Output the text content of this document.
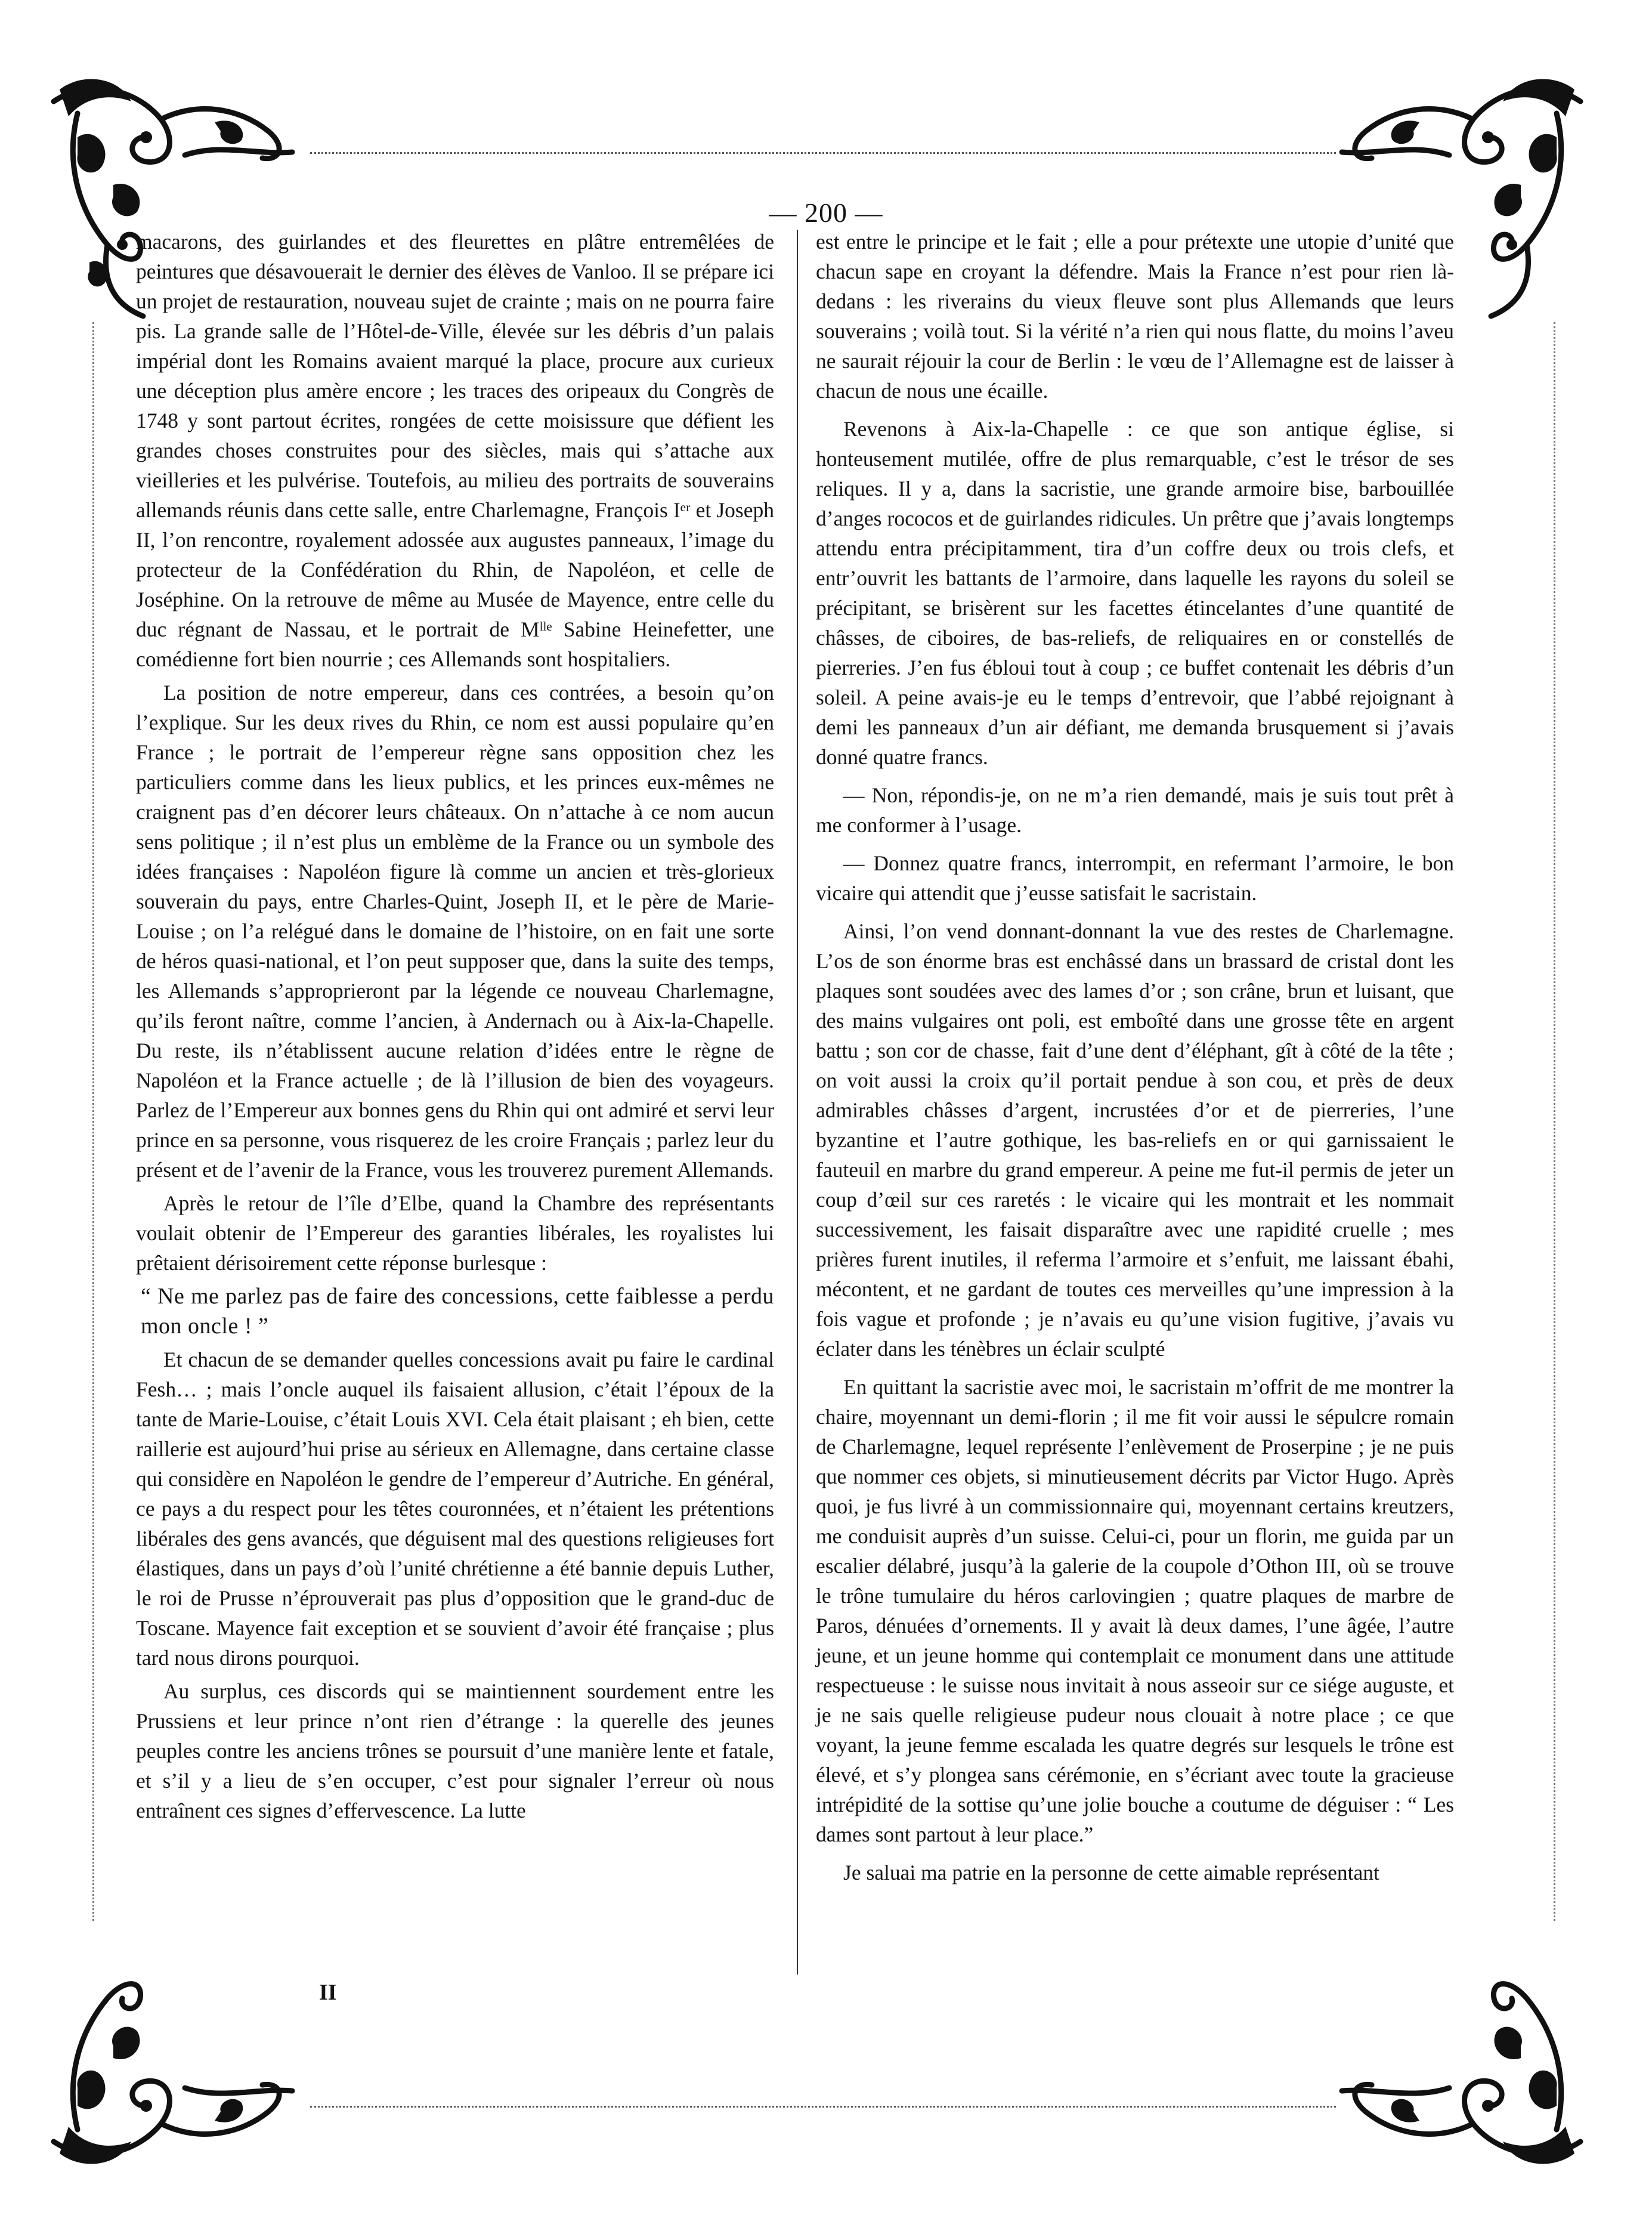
— 200 —

macarons, des guirlandes et des fleurettes en plâtre entremêlées de peintures que désavouerait le dernier des élèves de Vanloo. Il se prépare ici un projet de restauration, nouveau sujet de crainte ; mais on ne pourra faire pis. La grande salle de l’Hôtel-de-Ville, élevée sur les débris d’un palais impérial dont les Romains avaient marqué la place, procure aux curieux une déception plus amère encore ; les traces des oripeaux du Congrès de 1748 y sont partout écrites, rongées de cette moisissure que défient les grandes choses construites pour des siècles, mais qui s’attache aux vieilleries et les pulvérise. Toutefois, au milieu des portraits de souverains allemands réunis dans cette salle, entre Charlemagne, François Iᵉʳ et Joseph II, l’on rencontre, royalement adossée aux augustes panneaux, l’image du protecteur de la Confédération du Rhin, de Napoléon, et celle de Joséphine. On la retrouve de même au Musée de Mayence, entre celle du duc régnant de Nassau, et le portrait de Mˡˡᵉ Sabine Heinefetter, une comédienne fort bien nourrie ; ces Allemands sont hospitaliers.

La position de notre empereur, dans ces contrées, a besoin qu’on l’explique. Sur les deux rives du Rhin, ce nom est aussi populaire qu’en France ; le portrait de l’empereur règne sans opposition chez les particuliers comme dans les lieux publics, et les princes eux-mêmes ne craignent pas d’en décorer leurs châteaux. On n’attache à ce nom aucun sens politique ; il n’est plus un emblème de la France ou un symbole des idées françaises : Napoléon figure là comme un ancien et très-glorieux souverain du pays, entre Charles-Quint, Joseph II, et le père de Marie-Louise ; on l’a relégué dans le domaine de l’histoire, on en fait une sorte de héros quasi-national, et l’on peut supposer que, dans la suite des temps, les Allemands s’approprieront par la légende ce nouveau Charlemagne, qu’ils feront naître, comme l’ancien, à Andernach ou à Aix-la-Chapelle. Du reste, ils n’établissent aucune relation d’idées entre le règne de Napoléon et la France actuelle ; de là l’illusion de bien des voyageurs. Parlez de l’Empereur aux bonnes gens du Rhin qui ont admiré et servi leur prince en sa personne, vous risquerez de les croire Français ; parlez leur du présent et de l’avenir de la France, vous les trouverez purement Allemands.

Après le retour de l’île d’Elbe, quand la Chambre des représentants voulait obtenir de l’Empereur des garanties libérales, les royalistes lui prêtaient dérisoirement cette réponse burlesque :

“ Ne me parlez pas de faire des concessions, cette faiblesse a perdu mon oncle ! ”

Et chacun de se demander quelles concessions avait pu faire le cardinal Fesh… ; mais l’oncle auquel ils faisaient allusion, c’était l’époux de la tante de Marie-Louise, c’était Louis XVI. Cela était plaisant ; eh bien, cette raillerie est aujourd’hui prise au sérieux en Allemagne, dans certaine classe qui considère en Napoléon le gendre de l’empereur d’Autriche. En général, ce pays a du respect pour les têtes couronnées, et n’étaient les prétentions libérales des gens avancés, que déguisent mal des questions religieuses fort élastiques, dans un pays d’où l’unité chrétienne a été bannie depuis Luther, le roi de Prusse n’éprouverait pas plus d’opposition que le grand-duc de Toscane. Mayence fait exception et se souvient d’avoir été française ; plus tard nous dirons pourquoi.

Au surplus, ces discords qui se maintiennent sourdement entre les Prussiens et leur prince n’ont rien d’étrange : la querelle des jeunes peuples contre les anciens trônes se poursuit d’une manière lente et fatale, et s’il y a lieu de s’en occuper, c’est pour signaler l’erreur où nous entraînent ces signes d’effervescence. La lutte

est entre le principe et le fait ; elle a pour prétexte une utopie d’unité que chacun sape en croyant la défendre. Mais la France n’est pour rien là-dedans : les riverains du vieux fleuve sont plus Allemands que leurs souverains ; voilà tout. Si la vérité n’a rien qui nous flatte, du moins l’aveu ne saurait réjouir la cour de Berlin : le vœu de l’Allemagne est de laisser à chacun de nous une écaille.

Revenons à Aix-la-Chapelle : ce que son antique église, si honteusement mutilée, offre de plus remarquable, c’est le trésor de ses reliques. Il y a, dans la sacristie, une grande armoire bise, barbouillée d’anges rococos et de guirlandes ridicules. Un prêtre que j’avais longtemps attendu entra précipitamment, tira d’un coffre deux ou trois clefs, et entr’ouvrit les battants de l’armoire, dans laquelle les rayons du soleil se précipitant, se brisèrent sur les facettes étincelantes d’une quantité de châsses, de ciboires, de bas-reliefs, de reliquaires en or constellés de pierreries. J’en fus ébloui tout à coup ; ce buffet contenait les débris d’un soleil. A peine avais-je eu le temps d’entrevoir, que l’abbé rejoignant à demi les panneaux d’un air défiant, me demanda brusquement si j’avais donné quatre francs.

— Non, répondis-je, on ne m’a rien demandé, mais je suis tout prêt à me conformer à l’usage.

— Donnez quatre francs, interrompit, en refermant l’armoire, le bon vicaire qui attendit que j’eusse satisfait le sacristain.

Ainsi, l’on vend donnant-donnant la vue des restes de Charlemagne. L’os de son énorme bras est enchâssé dans un brassard de cristal dont les plaques sont soudées avec des lames d’or ; son crâne, brun et luisant, que des mains vulgaires ont poli, est emboîté dans une grosse tête en argent battu ; son cor de chasse, fait d’une dent d’éléphant, gît à côté de la tête ; on voit aussi la croix qu’il portait pendue à son cou, et près de deux admirables châsses d’argent, incrustées d’or et de pierreries, l’une byzantine et l’autre gothique, les bas-reliefs en or qui garnissaient le fauteuil en marbre du grand empereur. A peine me fut-il permis de jeter un coup d’œil sur ces raretés : le vicaire qui les montrait et les nommait successivement, les faisait disparaître avec une rapidité cruelle ; mes prières furent inutiles, il referma l’armoire et s’enfuit, me laissant ébahi, mécontent, et ne gardant de toutes ces merveilles qu’une impression à la fois vague et profonde ; je n’avais eu qu’une vision fugitive, j’avais vu éclater dans les ténèbres un éclair sculpté

En quittant la sacristie avec moi, le sacristain m’offrit de me montrer la chaire, moyennant un demi-florin ; il me fit voir aussi le sépulcre romain de Charlemagne, lequel représente l’enlèvement de Proserpine ; je ne puis que nommer ces objets, si minutieusement décrits par Victor Hugo. Après quoi, je fus livré à un commissionnaire qui, moyennant certains kreutzers, me conduisit auprès d’un suisse. Celui-ci, pour un florin, me guida par un escalier délabré, jusqu’à la galerie de la coupole d’Othon III, où se trouve le trône tumulaire du héros carlovingien ; quatre plaques de marbre de Paros, dénuées d’ornements. Il y avait là deux dames, l’une âgée, l’autre jeune, et un jeune homme qui contemplait ce monument dans une attitude respectueuse : le suisse nous invitait à nous asseoir sur ce siége auguste, et je ne sais quelle religieuse pudeur nous clouait à notre place ; ce que voyant, la jeune femme escalada les quatre degrés sur lesquels le trône est élevé, et s’y plongea sans cérémonie, en s’écriant avec toute la gracieuse intrépidité de la sottise qu’une jolie bouche a coutume de déguiser : “ Les dames sont partout à leur place.”

Je saluai ma patrie en la personne de cette aimable représentant

II
